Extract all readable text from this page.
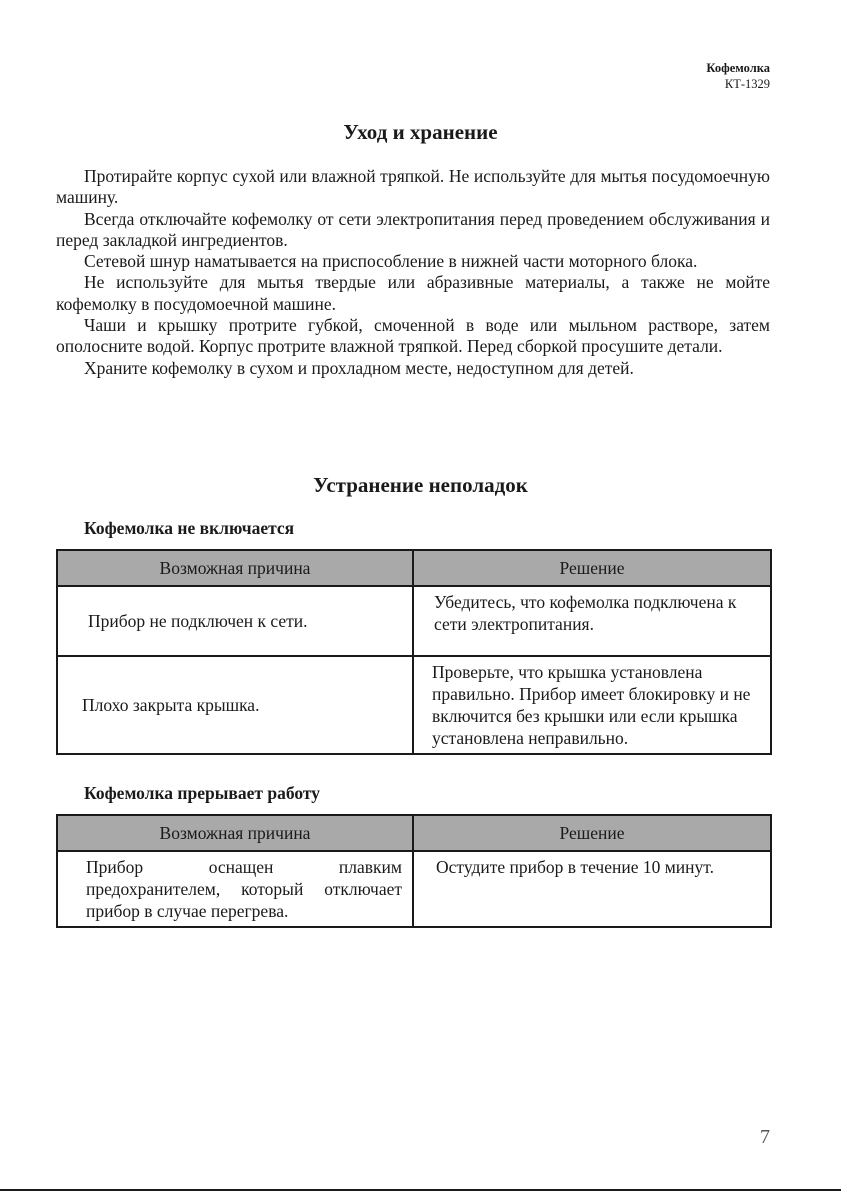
Кофемолка
КТ-1329
Уход и хранение

Протирайте корпус сухой или влажной тряпкой. Не используйте для мытья посудомоечную машину.

Всегда отключайте кофемолку от сети электропитания перед проведением обслуживания и перед закладкой ингредиентов.

Сетевой шнур наматывается на приспособление в нижней части моторного блока.

Не используйте для мытья твердые или абразивные материалы, а также не мойте кофемолку в посудомоечной машине.

Чаши и крышку протрите губкой, смоченной в воде или мыльном растворе, затем ополосните водой. Корпус протрите влажной тряпкой. Перед сборкой просушите детали.

Храните кофемолку в сухом и прохладном месте, недоступном для детей.

Устранение неполадок
Кофемолка не включается
Возможная причина	Решение
Прибор не подключен к сети.	Убедитесь, что кофемолка подключена к сети электропитания.
Плохо закрыта крышка.	Проверьте, что крышка установлена правильно. Прибор имеет блокировку и не включится без крышки или если крышка установлена неправильно.
Кофемолка прерывает работу
Возможная причина	Решение
Прибор оснащен плавким предохранителем, который отключает прибор в случае перегрева.	Остудите прибор в течение 10 минут.
7
